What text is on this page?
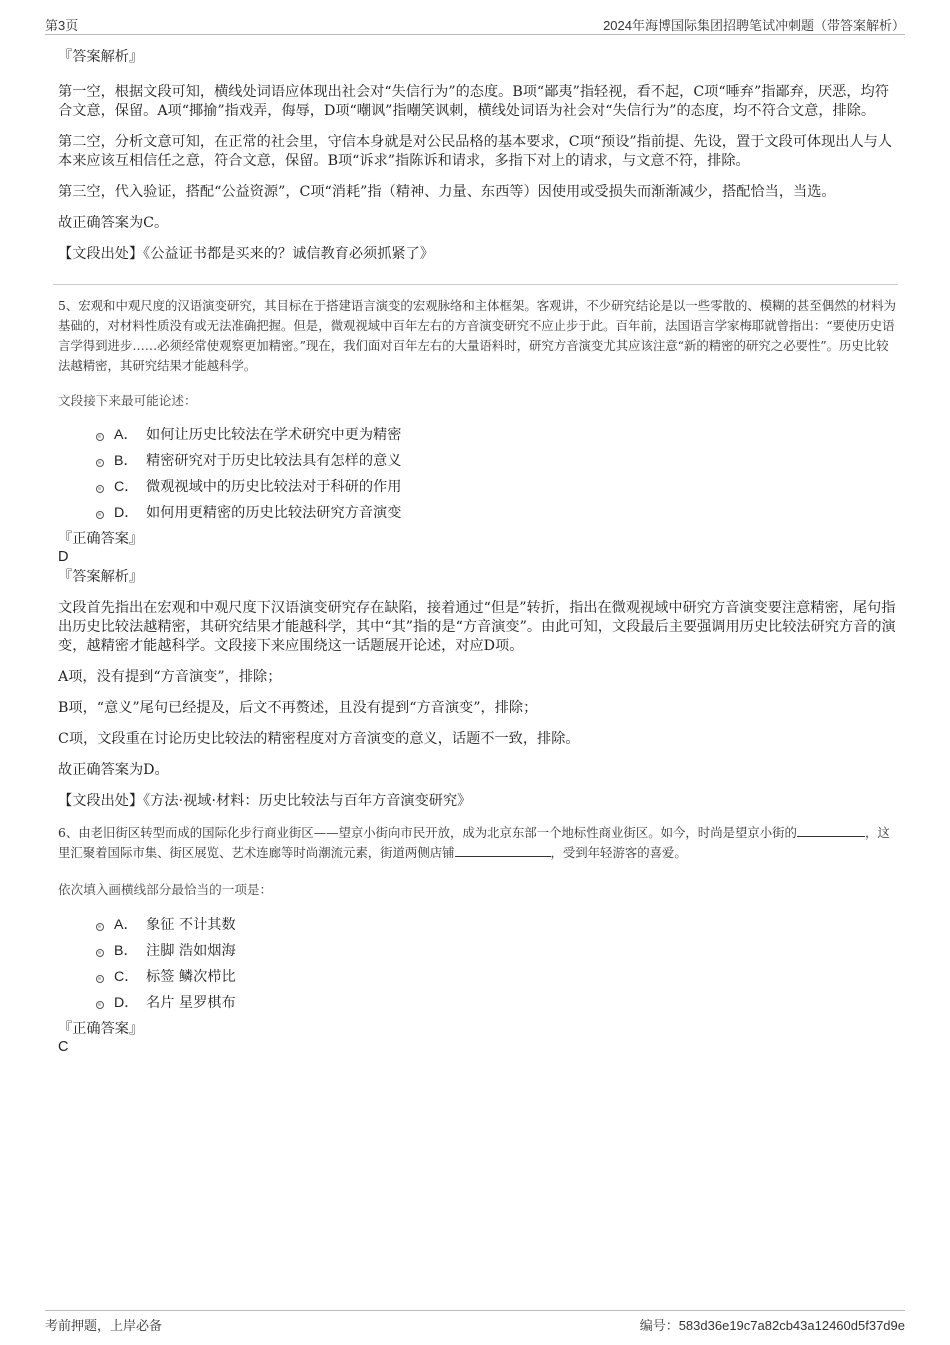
第3页	2024年海博国际集团招聘笔试冲刺题（带答案解析）

『答案解析』

第一空，根据文段可知，横线处词语应体现出社会对“失信行为”的态度。B项“鄙夷”指轻视，看不起，C项“唾弃”指鄙弃，厌恶，均符合文意，保留。A项“揶揄”指戏弄，侮辱，D项“嘲讽”指嘲笑讽刺，横线处词语为社会对“失信行为”的态度，均不符合文意，排除。

第二空，分析文意可知，在正常的社会里，守信本身就是对公民品格的基本要求，C项“预设”指前提、先设，置于文段可体现出人与人本来应该互相信任之意，符合文意，保留。B项“诉求”指陈诉和请求，多指下对上的请求，与文意不符，排除。

第三空，代入验证，搭配“公益资源”，C项“消耗”指（精神、力量、东西等）因使用或受损失而渐渐减少，搭配恰当，当选。

故正确答案为C。

【文段出处】《公益证书都是买来的？诚信教育必须抓紧了》

5、宏观和中观尺度的汉语演变研究，其目标在于搭建语言演变的宏观脉络和主体框架。客观讲，不少研究结论是以一些零散的、模糊的甚至偶然的材料为基础的，对材料性质没有或无法准确把握。但是，微观视域中百年左右的方音演变研究不应止步于此。百年前，法国语言学家梅耶就曾指出：“要使历史语言学得到进步……必须经常使观察更加精密。”现在，我们面对百年左右的大量语料时，研究方音演变尤其应该注意“新的精密的研究之必要性”。历史比较法越精密，其研究结果才能越科学。

文段接下来最可能论述：

A． 如何让历史比较法在学术研究中更为精密
B． 精密研究对于历史比较法具有怎样的意义
C． 微观视域中的历史比较法对于科研的作用
D． 如何用更精密的历史比较法研究方音演变

『正确答案』

D

『答案解析』

文段首先指出在宏观和中观尺度下汉语演变研究存在缺陷，接着通过“但是”转折，指出在微观视域中研究方音演变要注意精密，尾句指出历史比较法越精密，其研究结果才能越科学，其中“其”指的是“方音演变”。由此可知，文段最后主要强调用历史比较法研究方音的演变，越精密才能越科学。文段接下来应围绕这一话题展开论述，对应D项。

A项，没有提到“方音演变”，排除；

B项，“意义”尾句已经提及，后文不再赘述，且没有提到“方音演变”，排除；

C项，文段重在讨论历史比较法的精密程度对方音演变的意义，话题不一致，排除。

故正确答案为D。

【文段出处】《方法·视域·材料：历史比较法与百年方音演变研究》

6、由老旧街区转型而成的国际化步行商业街区——望京小街向市民开放，成为北京东部一个地标性商业街区。如今，时尚是望京小街的	，这里汇聚着国际市集、街区展览、艺术连廊等时尚潮流元素，街道两侧店铺	，受到年轻游客的喜爱。

依次填入画横线部分最恰当的一项是：

A． 象征 不计其数
B． 注脚 浩如烟海
C． 标签 鳞次栉比
D． 名片 星罗棋布

『正确答案』

C

考前押题，上岸必备	编号：583d36e19c7a82cb43a12460d5f37d9e
